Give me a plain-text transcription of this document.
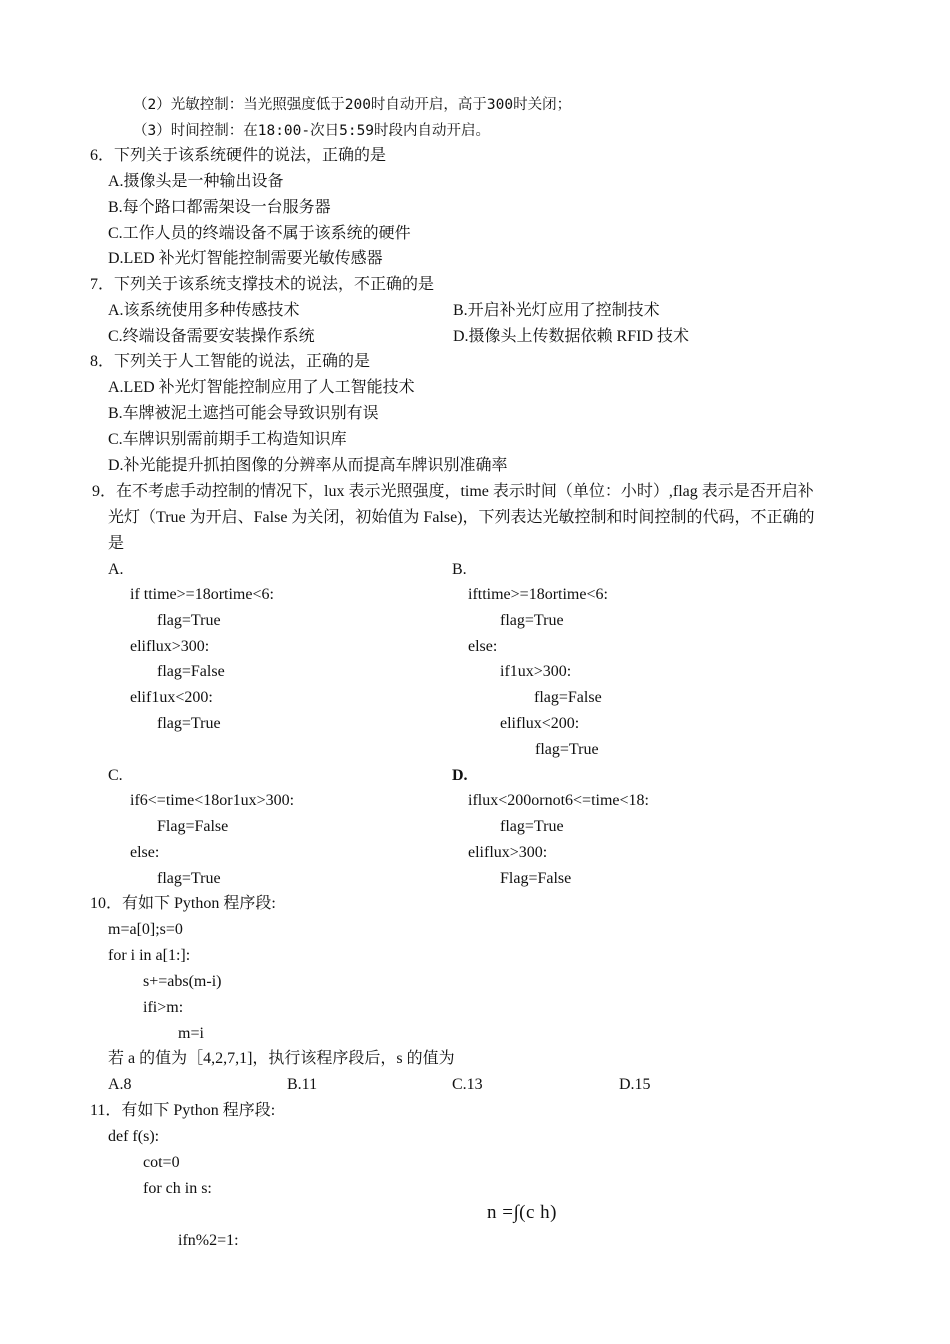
（2）光敏控制：当光照强度低于200时自动开启，高于300时关闭；
（3）时间控制：在18:00-次日5:59时段内自动开启。
6．下列关于该系统硬件的说法，正确的是
A.摄像头是一种输出设备
B.每个路口都需架设一台服务器
C.工作人员的终端设备不属于该系统的硬件
D.LED 补光灯智能控制需要光敏传感器
7．下列关于该系统支撑技术的说法，不正确的是
A.该系统使用多种传感技术	B.开启补光灯应用了控制技术
C.终端设备需要安装操作系统	D.摄像头上传数据依赖 RFID 技术
8．下列关于人工智能的说法，正确的是
A.LED 补光灯智能控制应用了人工智能技术
B.车牌被泥土遮挡可能会导致识别有误
C.车牌识别需前期手工构造知识库
D.补光能提升抓拍图像的分辨率从而提高车牌识别准确率
9．在不考虑手动控制的情况下，lux 表示光照强度，time 表示时间（单位：小时）,flag 表示是否开启补
光灯（True 为开启、False 为关闭，初始值为 False)，下列表达光敏控制和时间控制的代码，不正确的
是
A.
if ttime>=18ortime<6:
flag=True
eliflux>300:
flag=False
elif1ux<200:
flag=True
B.
ifttime>=18ortime<6:
flag=True
else:
if1ux>300:
flag=False
eliflux<200:
flag=True
C.
if6<=time<18or1ux>300:
Flag=False
else:
flag=True
D.
iflux<200ornot6<=time<18:
flag=True
eliflux>300:
Flag=False
10．有如下 Python 程序段:
m=a[0];s=0
for i in a[1:]:
s+=abs(m-i)
ifi>m:
m=i
若 a 的值为［4,2,7,1]，执行该程序段后，s 的值为
A.8	B.11	C.13	D.15
11．有如下 Python 程序段:
def f(s):
cot=0
for ch in s:
n =∫(c h)
ifn%2=1:
